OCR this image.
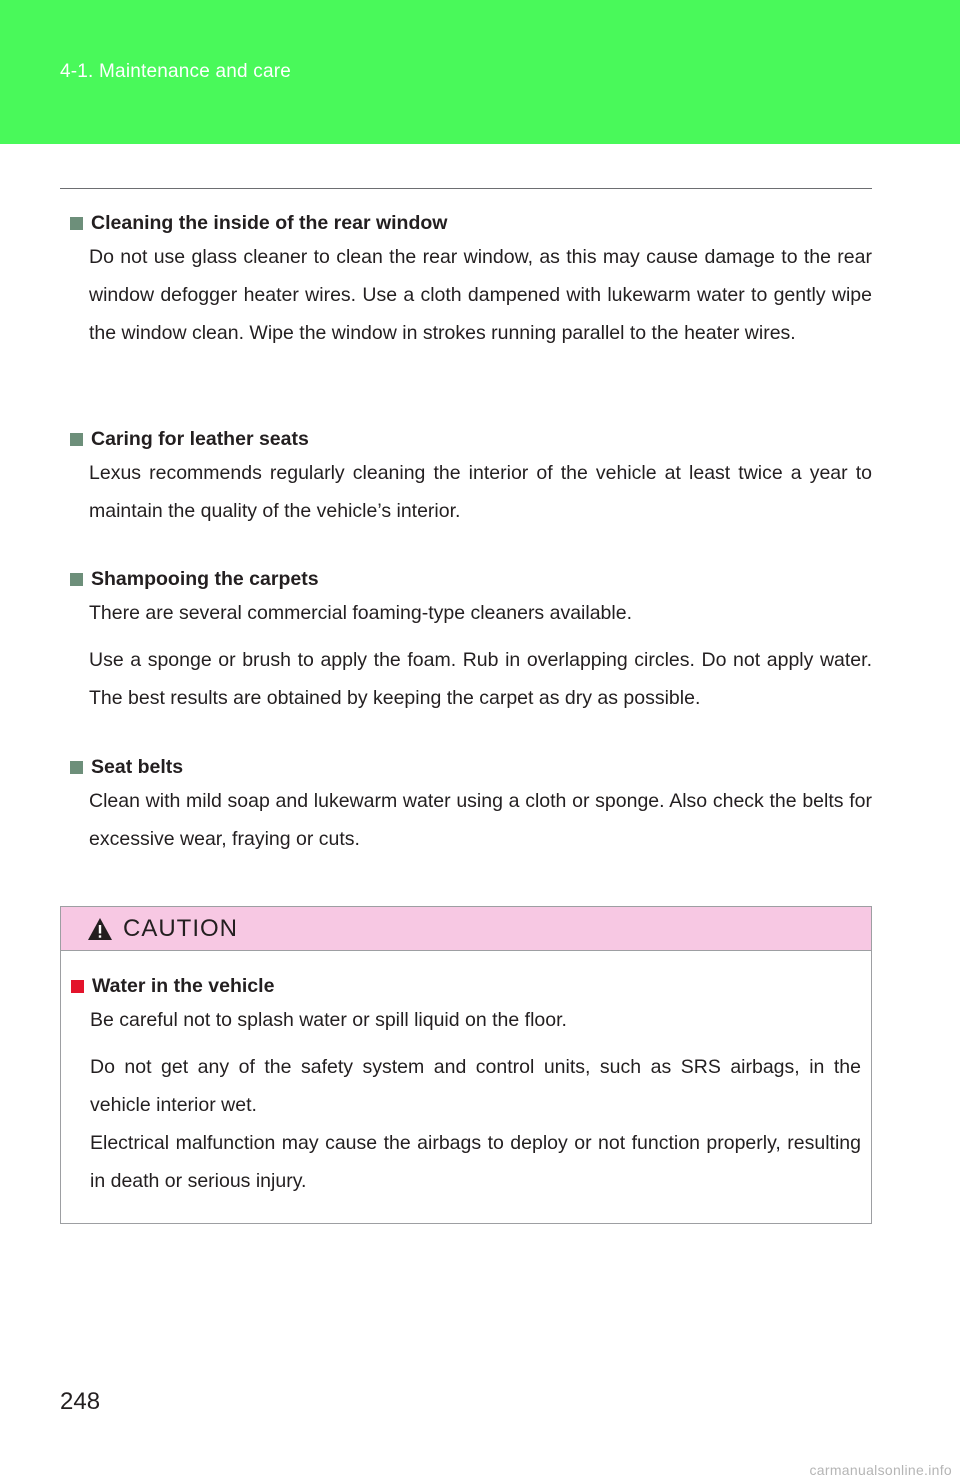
4-1. Maintenance and care
Cleaning the inside of the rear window

Do not use glass cleaner to clean the rear window, as this may cause damage to the rear window defogger heater wires. Use a cloth dampened with lukewarm water to gently wipe the window clean. Wipe the window in strokes running parallel to the heater wires.

Caring for leather seats

Lexus recommends regularly cleaning the interior of the vehicle at least twice a year to maintain the quality of the vehicle’s interior.

Shampooing the carpets

There are several commercial foaming-type cleaners available.

Use a sponge or brush to apply the foam. Rub in overlapping circles. Do not apply water. The best results are obtained by keeping the carpet as dry as possible.

Seat belts

Clean with mild soap and lukewarm water using a cloth or sponge. Also check the belts for excessive wear, fraying or cuts.

CAUTION
Water in the vehicle

Be careful not to splash water or spill liquid on the floor.

Do not get any of the safety system and control units, such as SRS airbags, in the vehicle interior wet.

Electrical malfunction may cause the airbags to deploy or not function properly, resulting in death or serious injury.

248
carmanualsonline.info
